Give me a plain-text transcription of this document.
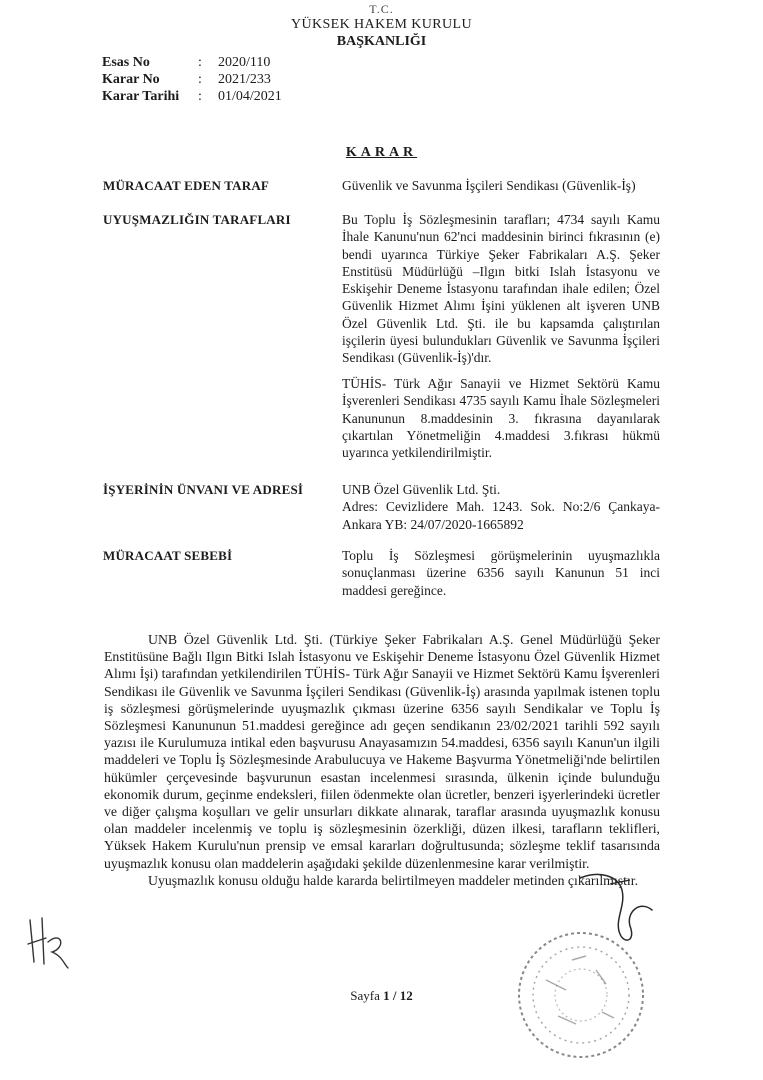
T.C.
YÜKSEK HAKEM KURULU
BAŞKANLIĞI
Esas No	:	2020/110
Karar No	:	2021/233
Karar Tarihi	:	01/04/2021
KARAR
MÜRACAAT EDEN TARAF	Güvenlik ve Savunma İşçileri Sendikası (Güvenlik-İş)
UYUŞMAZLIĞIN TARAFLARI	Bu Toplu İş Sözleşmesinin tarafları; 4734 sayılı Kamu İhale Kanunu'nun 62'nci maddesinin birinci fıkrasının (e) bendi uyarınca Türkiye Şeker Fabrikaları A.Ş. Şeker Enstitüsü Müdürlüğü –Ilgın bitki Islah İstasyonu ve Eskişehir Deneme İstasyonu tarafından ihale edilen; Özel Güvenlik Hizmet Alımı İşini yüklenen alt işveren UNB Özel Güvenlik Ltd. Şti. ile bu kapsamda çalıştırılan işçilerin üyesi bulundukları Güvenlik ve Savunma İşçileri Sendikası (Güvenlik-İş)'dır.
TÜHİS- Türk Ağır Sanayii ve Hizmet Sektörü Kamu İşverenleri Sendikası 4735 sayılı Kamu İhale Sözleşmeleri Kanununun 8.maddesinin 3. fıkrasına dayanılarak çıkartılan Yönetmeliğin 4.maddesi 3.fıkrası hükmü uyarınca yetkilendirilmiştir.
İŞYERİNİN ÜNVANI VE ADRESİ	UNB Özel Güvenlik Ltd. Şti.
Adres: Cevizlidere Mah. 1243. Sok. No:2/6 Çankaya-Ankara YB: 24/07/2020-1665892
MÜRACAAT SEBEBİ	Toplu İş Sözleşmesi görüşmelerinin uyuşmazlıkla sonuçlanması üzerine 6356 sayılı Kanunun 51 inci maddesi gereğince.

UNB Özel Güvenlik Ltd. Şti. (Türkiye Şeker Fabrikaları A.Ş. Genel Müdürlüğü Şeker Enstitüsüne Bağlı Ilgın Bitki Islah İstasyonu ve Eskişehir Deneme İstasyonu Özel Güvenlik Hizmet Alımı İşi) tarafından yetkilendirilen TÜHİS- Türk Ağır Sanayii ve Hizmet Sektörü Kamu İşverenleri Sendikası ile Güvenlik ve Savunma İşçileri Sendikası (Güvenlik-İş) arasında yapılmak istenen toplu iş sözleşmesi görüşmelerinde uyuşmazlık çıkması üzerine 6356 sayılı Sendikalar ve Toplu İş Sözleşmesi Kanununun 51.maddesi gereğince adı geçen sendikanın 23/02/2021 tarihli 592 sayılı yazısı ile Kurulumuza intikal eden başvurusu Anayasamızın 54.maddesi, 6356 sayılı Kanun'un ilgili maddeleri ve Toplu İş Sözleşmesinde Arabulucuya ve Hakeme Başvurma Yönetmeliği'nde belirtilen hükümler çerçevesinde başvurunun esastan incelenmesi sırasında, ülkenin içinde bulunduğu ekonomik durum, geçinme endeksleri, fiilen ödenmekte olan ücretler, benzeri işyerlerindeki ücretler ve diğer çalışma koşulları ve gelir unsurları dikkate alınarak, taraflar arasında uyuşmazlık konusu olan maddeler incelenmiş ve toplu iş sözleşmesinin özerkliği, düzen ilkesi, tarafların teklifleri, Yüksek Hakem Kurulu'nun prensip ve emsal kararları doğrultusunda; sözleşme teklif tasarısında uyuşmazlık konusu olan maddelerin aşağıdaki şekilde düzenlenmesine karar verilmiştir.

Uyuşmazlık konusu olduğu halde kararda belirtilmeyen maddeler metinden çıkarılmıştır.

Sayfa 1 / 12
